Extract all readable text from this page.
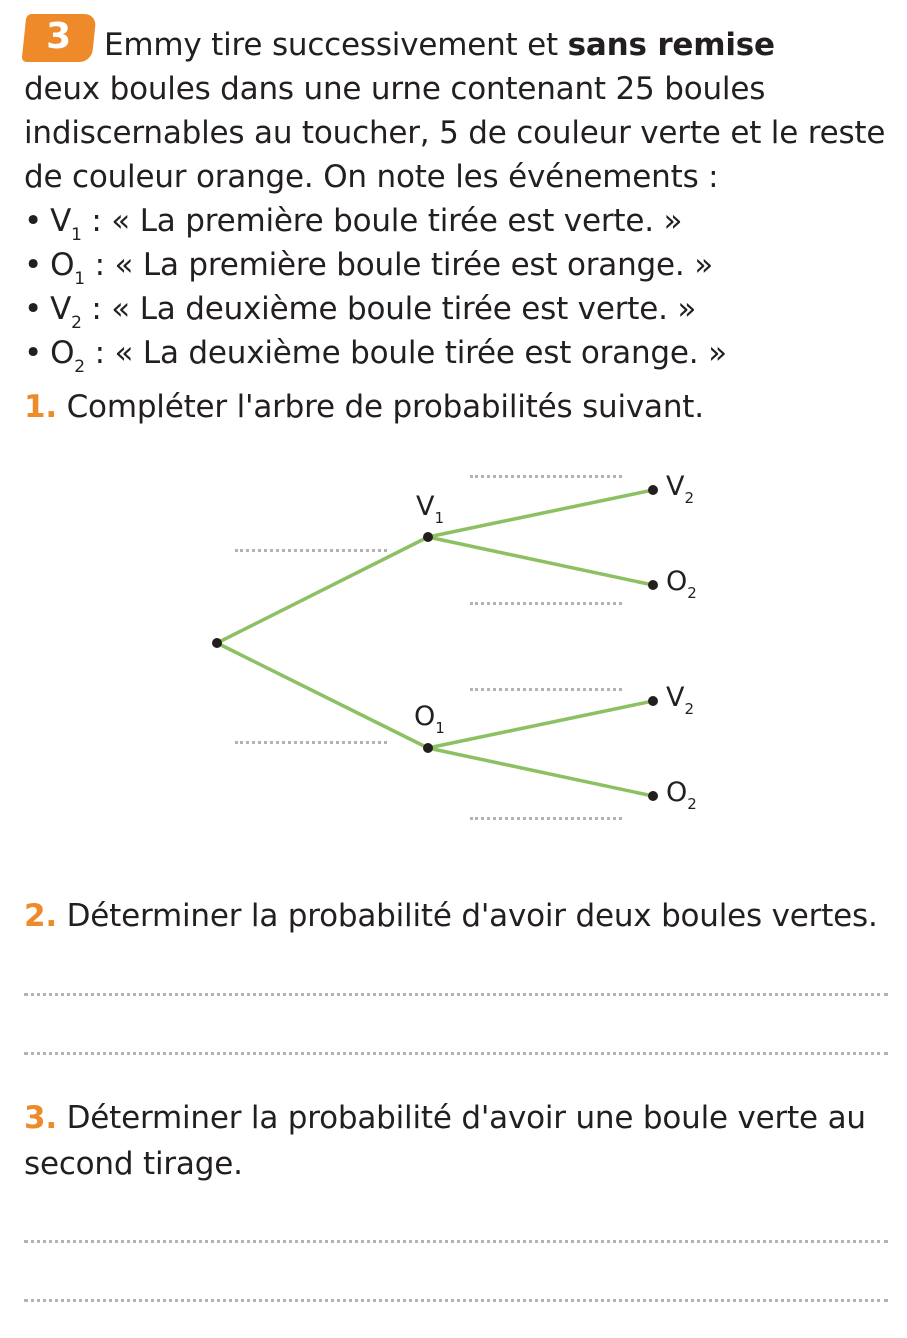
3	Emmy tire successivement et sans remise
deux boules dans une urne contenant 25 boules
indiscernables au toucher, 5 de couleur verte et le reste
de couleur orange. On note les événements :
• $V_1$ : « La première boule tirée est verte. »
• $O_1$ : « La première boule tirée est orange. »
• $V_2$ : « La deuxième boule tirée est verte. »
• $O_2$ : « La deuxième boule tirée est orange. »
1. Compléter l'arbre de probabilités suivant.
$V_1$
$O_1$
$V_2$
$O_2$
$V_2$
$O_2$
2. Déterminer la probabilité d'avoir deux boules vertes.
3. Déterminer la probabilité d'avoir une boule verte au
second tirage.
